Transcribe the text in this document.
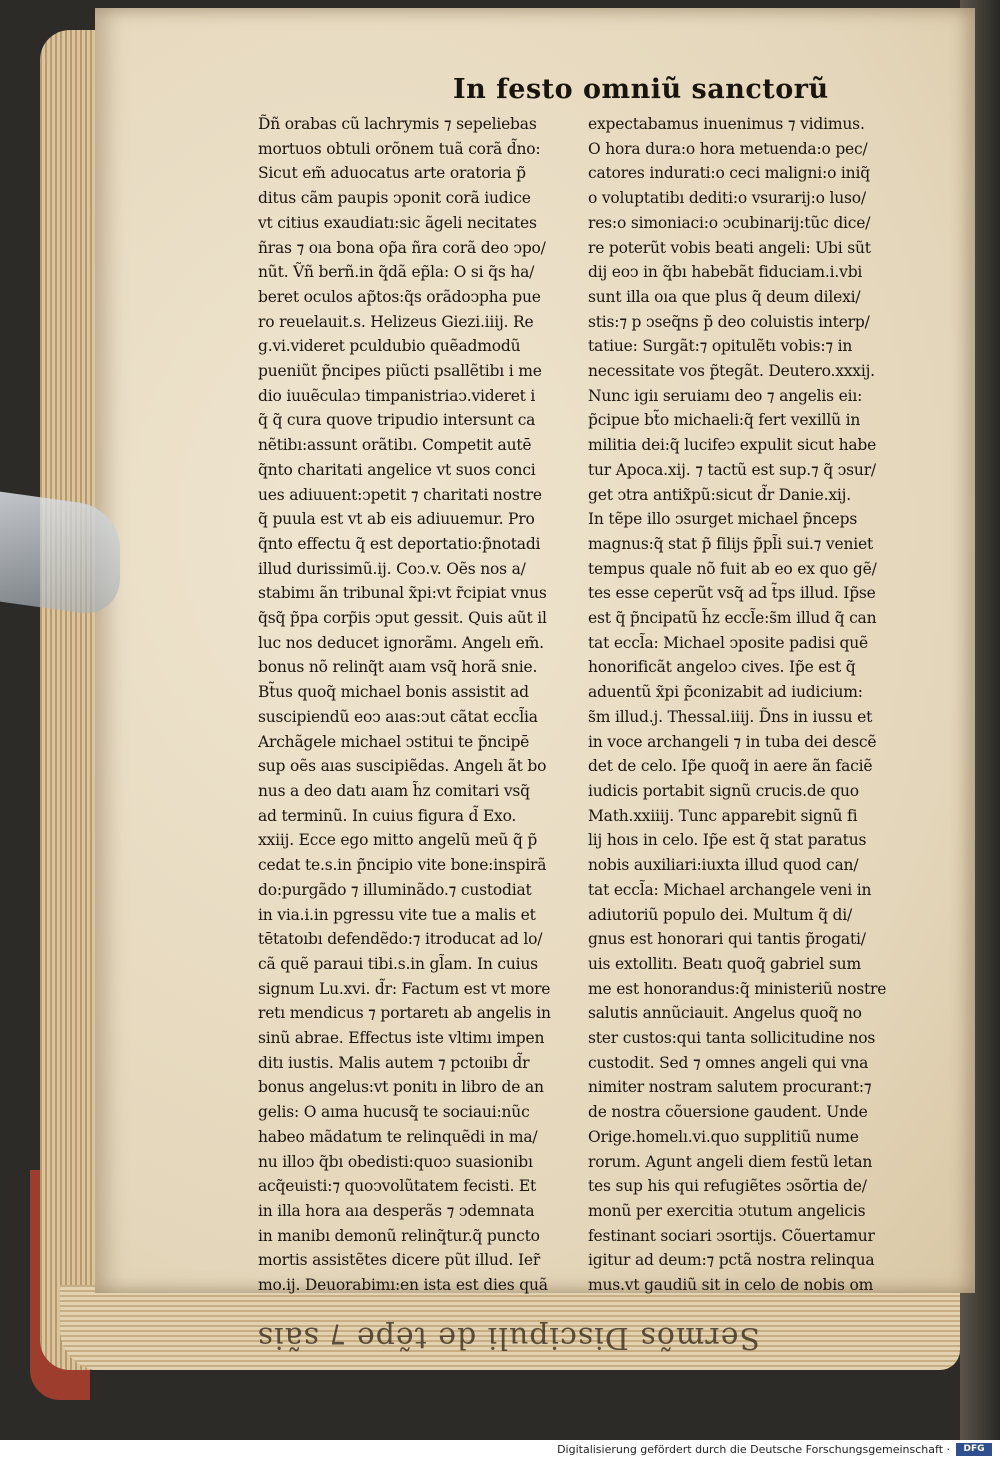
Sermõs Discipuli de tẽpe ⁊ sãis
In festo omniũ sanctorũ

D̃ñ orabas cũ lachrymis ⁊ sepeliebas

mortuos obtuli orõnem tuã corã d̃no:

Sicut em̃ aduocatus arte oratoria p̃

ditus cãm paupis ↄponit corã iudice

vt citius exaudiatı:sic ãgeli necitates

ñras ⁊ oıa bona op̃a ñra corã deo ↄpo/

nũt. Ṽñ berñ.in q̃dã ep̃la: O si q̃s ha/

beret oculos ap̃tos:q̃s orãdoↄpha pue

ro reuelauit.s. Helizeus Giezi.iiij. Re

g.vi.videret pculdubio quẽadmodũ

pueniũt p̃ncipes piũcti psallẽtibı i me

dio iuuẽculaↄ timpanistriaↄ.videret i

q̃ q̃ cura quove tripudio intersunt ca

nẽtibı:assunt orãtibı. Competit autē

q̃nto charitati angelice vt suos conci

ues adiuuent:ↄpetit ⁊ charitati nostre

q̃ puula est vt ab eis adiuuemur. Pro

q̃nto effectu q̃ est deportatio:p̃notadi

illud durissimũ.ij. Coↄ.v. Oẽs nos a/

stabimı ãn tribunal x̃pi:vt r̃cipiat vnus

q̃sq̃ p̃pa corp̃is ↄput gessit. Quis aũt il

luc nos deducet ignorãmı. Angelı em̃.

bonus nõ relinq̃t aıam vsq̃ horã snie.

Bt̃us quoq̃ michael bonis assistit ad

suscipiendũ eoↄ aıas:ↄut cãtat eccl̃ia

Archãgele michael ↄstitui te p̃ncipē

sup oẽs aıas suscipiẽdas. Angelı ãt bo

nus a deo datı aıam h̃z comitari vsq̃

ad terminũ. In cuius figura d̃ Exo.

xxiij. Ecce ego mitto angelũ meũ q̃ p̃

cedat te.s.in p̃ncipio vite bone:inspirã

do:purgãdo ⁊ illuminãdo.⁊ custodiat

in via.i.in pgressu vite tue a malis et

tētatoıbı defendẽdo:⁊ itroducat ad lo/

cã quẽ paraui tibi.s.in gl̃am. In cuius

signum Lu.xvi. d̃r: Factum est vt more

retı mendicus ⁊ portaretı ab angelis in

sinũ abrae. Effectus iste vltimı impen

ditı iustis. Malis autem ⁊ pctoıibı d̃r

bonus angelus:vt ponitı in libro de an

gelis: O aıma hucusq̃ te sociaui:nũc

habeo mãdatum te relinquẽdi in ma/

nu illoↄ q̃bı obedisti:quoↄ suasionibı

acq̃euisti:⁊ quoↄvolũtatem fecisti. Et

in illa hora aıa desperãs ⁊ ↄdemnata

in manibı demonũ relinq̃tur.q̃ puncto

mortis assistẽtes dicere pũt illud. Ier̃

mo.ij. Deuorabimı:en ista est dies quã

expectabamus inuenimus ⁊ vidimus.

O hora dura:o hora metuenda:o pec/

catores indurati:o ceci maligni:o iniq̃

o voluptatibı dediti:o vsurarij:o luso/

res:o simoniaci:o ↄcubinarij:tũc dice/

re poterũt vobis beati angeli: Ubi sũt

dij eoↄ in q̃bı habebãt fiduciam.i.vbi

sunt illa oıa que plus q̃ deum dilexi/

stis:⁊ p ↄseq̃ns p̃ deo coluistis interp/

tatiue: Surgãt:⁊ opitulẽtı vobis:⁊ in

necessitate vos p̃tegãt. Deutero.xxxij.

Nunc igiı seruiamı deo ⁊ angelis eiı:

p̃cipue bt̃o michaeli:q̃ fert vexillũ in

militia dei:q̃ lucifeↄ expulit sicut habe

tur Apoca.xij. ⁊ tactũ est sup.⁊ q̃ ↄsur/

get ↄtra antix̃pũ:sicut d̃r Danie.xij.

In tẽpe illo ↄsurget michael p̃nceps

magnus:q̃ stat p̃ filijs p̃pl̃i sui.⁊ veniet

tempus quale nõ fuit ab eo ex quo gẽ/

tes esse ceperũt vsq̃ ad t̃ps illud. Ip̃se

est q̃ p̃ncipatũ h̃z eccl̃e:s̃m illud q̃ can

tat eccl̃a: Michael ↄposite padisi quẽ

honorificãt angeloↄ cives. Ip̃e est q̃

aduentũ x̃pi p̃conizabit ad iudicium:

s̃m illud.j. Thessal.iiij. D̃ns in iussu et

in voce archangeli ⁊ in tuba dei descẽ

det de celo. Ip̃e quoq̃ in aere ãn faciẽ

iudicis portabit signũ crucis.de quo

Math.xxiiij. Tunc apparebit signũ fi

lij hoıs in celo. Ip̃e est q̃ stat paratus

nobis auxiliari:iuxta illud quod can/

tat eccl̃a: Michael archangele veni in

adiutoriũ populo dei. Multum q̃ di/

gnus est honorari qui tantis p̃rogati/

uis extollitı. Beatı quoq̃ gabriel sum

me est honorandus:q̃ ministeriũ nostre

salutis annũciauit. Angelus quoq̃ no

ster custos:qui tanta sollicitudine nos

custodit. Sed ⁊ omnes angeli qui vna

nimiter nostram salutem procurant:⁊

de nostra cõuersione gaudent. Unde

Orige.homelı.vi.quo supplitiũ nume

rorum. Agunt angeli diem festũ letan

tes sup his qui refugiẽtes ↄsõrtia de/

monũ per exercitia ↄtutum angelicis

festinant sociari ↄsortijs. Cõuertamur

igitur ad deum:⁊ pctã nostra relinqua

mus.vt gaudiũ sit in celo de nobis om

Digitalisierung gefördert durch die Deutsche Forschungsgemeinschaft ·	DFG
